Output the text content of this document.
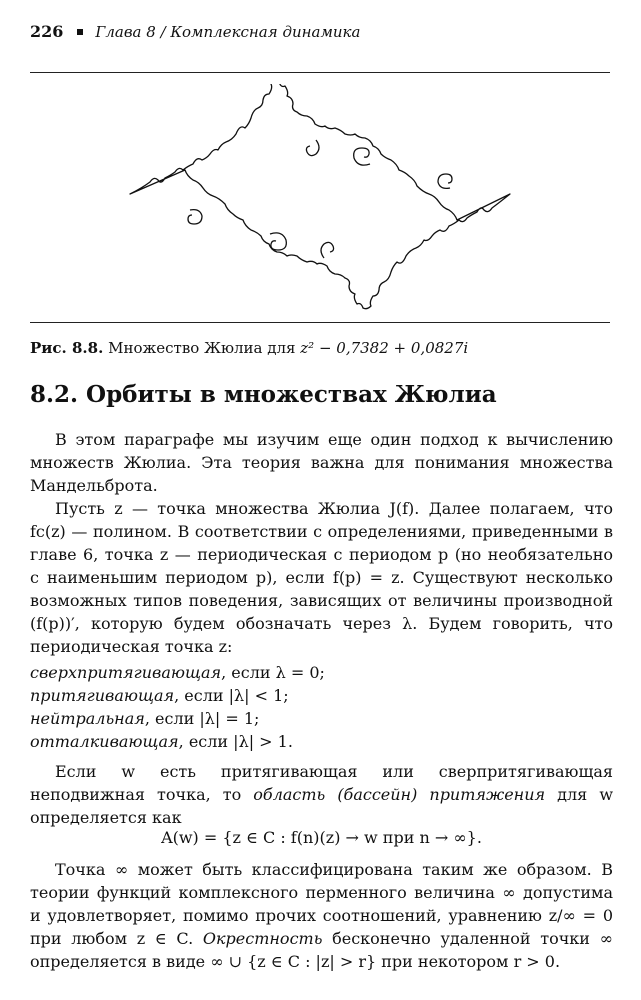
226 Глава 8 / Комплексная динамика
Рис. 8.8. Множество Жюлиа для z² − 0,7382 + 0,0827i
8.2. Орбиты в множествах Жюлиа
В этом параграфе мы изучим еще один подход к вычислению множеств Жюлиа. Эта теория важна для понимания множества Мандельброта.
Пусть z — точка множества Жюлиа J(f). Далее полагаем, что fc(z) — полином. В соответствии с определениями, приведенными в главе 6, точка z — периодическая с периодом p (но необязательно с наименьшим периодом p), если f(p) = z. Существуют несколько возможных типов поведения, зависящих от величины производной (f(p))′, которую будем обозначать через λ. Будем говорить, что периодическая точка z:
сверхпритягивающая, если λ = 0;
притягивающая, если |λ| < 1;
нейтральная, если |λ| = 1;
отталкивающая, если |λ| > 1.
Если w есть притягивающая или сверпритягивающая неподвижная точка, то область (бассейн) притяжения для w определяется как
A(w) = {z ∈ C : f(n)(z) → w при n → ∞}.
Точка ∞ может быть классифицирована таким же образом. В теории функций комплексного перменного величина ∞ допустима и удовлетворяет, помимо прочих соотношений, уравнению z/∞ = 0 при любом z ∈ C. Окрестность бесконечно удаленной точки ∞ определяется в виде ∞ ∪ {z ∈ C : |z| > r} при некотором r > 0.
